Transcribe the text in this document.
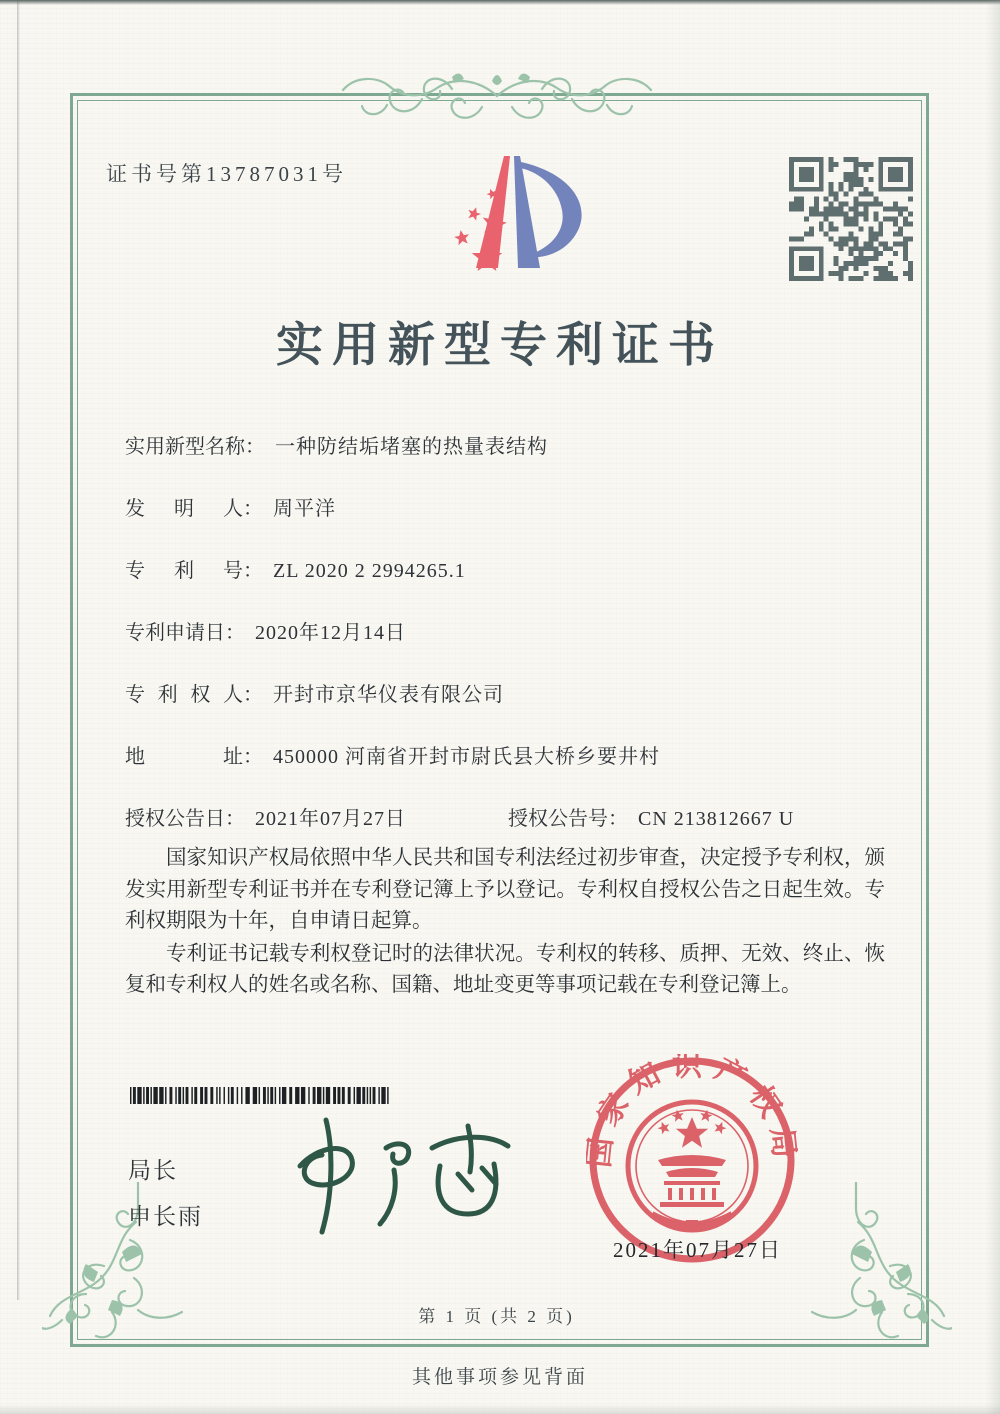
证书号第13787031号
实用新型专利证书
实用新型名称： 一种防结垢堵塞的热量表结构
发明人： 周平洋
专利号： ZL 2020 2 2994265.1
专利申请日： 2020年12月14日
专利权人： 开封市京华仪表有限公司
地址： 450000 河南省开封市尉氏县大桥乡要井村
授权公告日： 2021年07月27日	授权公告号： CN 213812667 U

国家知识产权局依照中华人民共和国专利法经过初步审查，决定授予专利权，颁发实用新型专利证书并在专利登记簿上予以登记。专利权自授权公告之日起生效。专利权期限为十年，自申请日起算。

专利证书记载专利权登记时的法律状况。专利权的转移、质押、无效、终止、恢复和专利权人的姓名或名称、国籍、地址变更等事项记载在专利登记簿上。

局长
申长雨
国家知识产权局
2021年07月27日
第 1 页 (共 2 页)
其他事项参见背面
